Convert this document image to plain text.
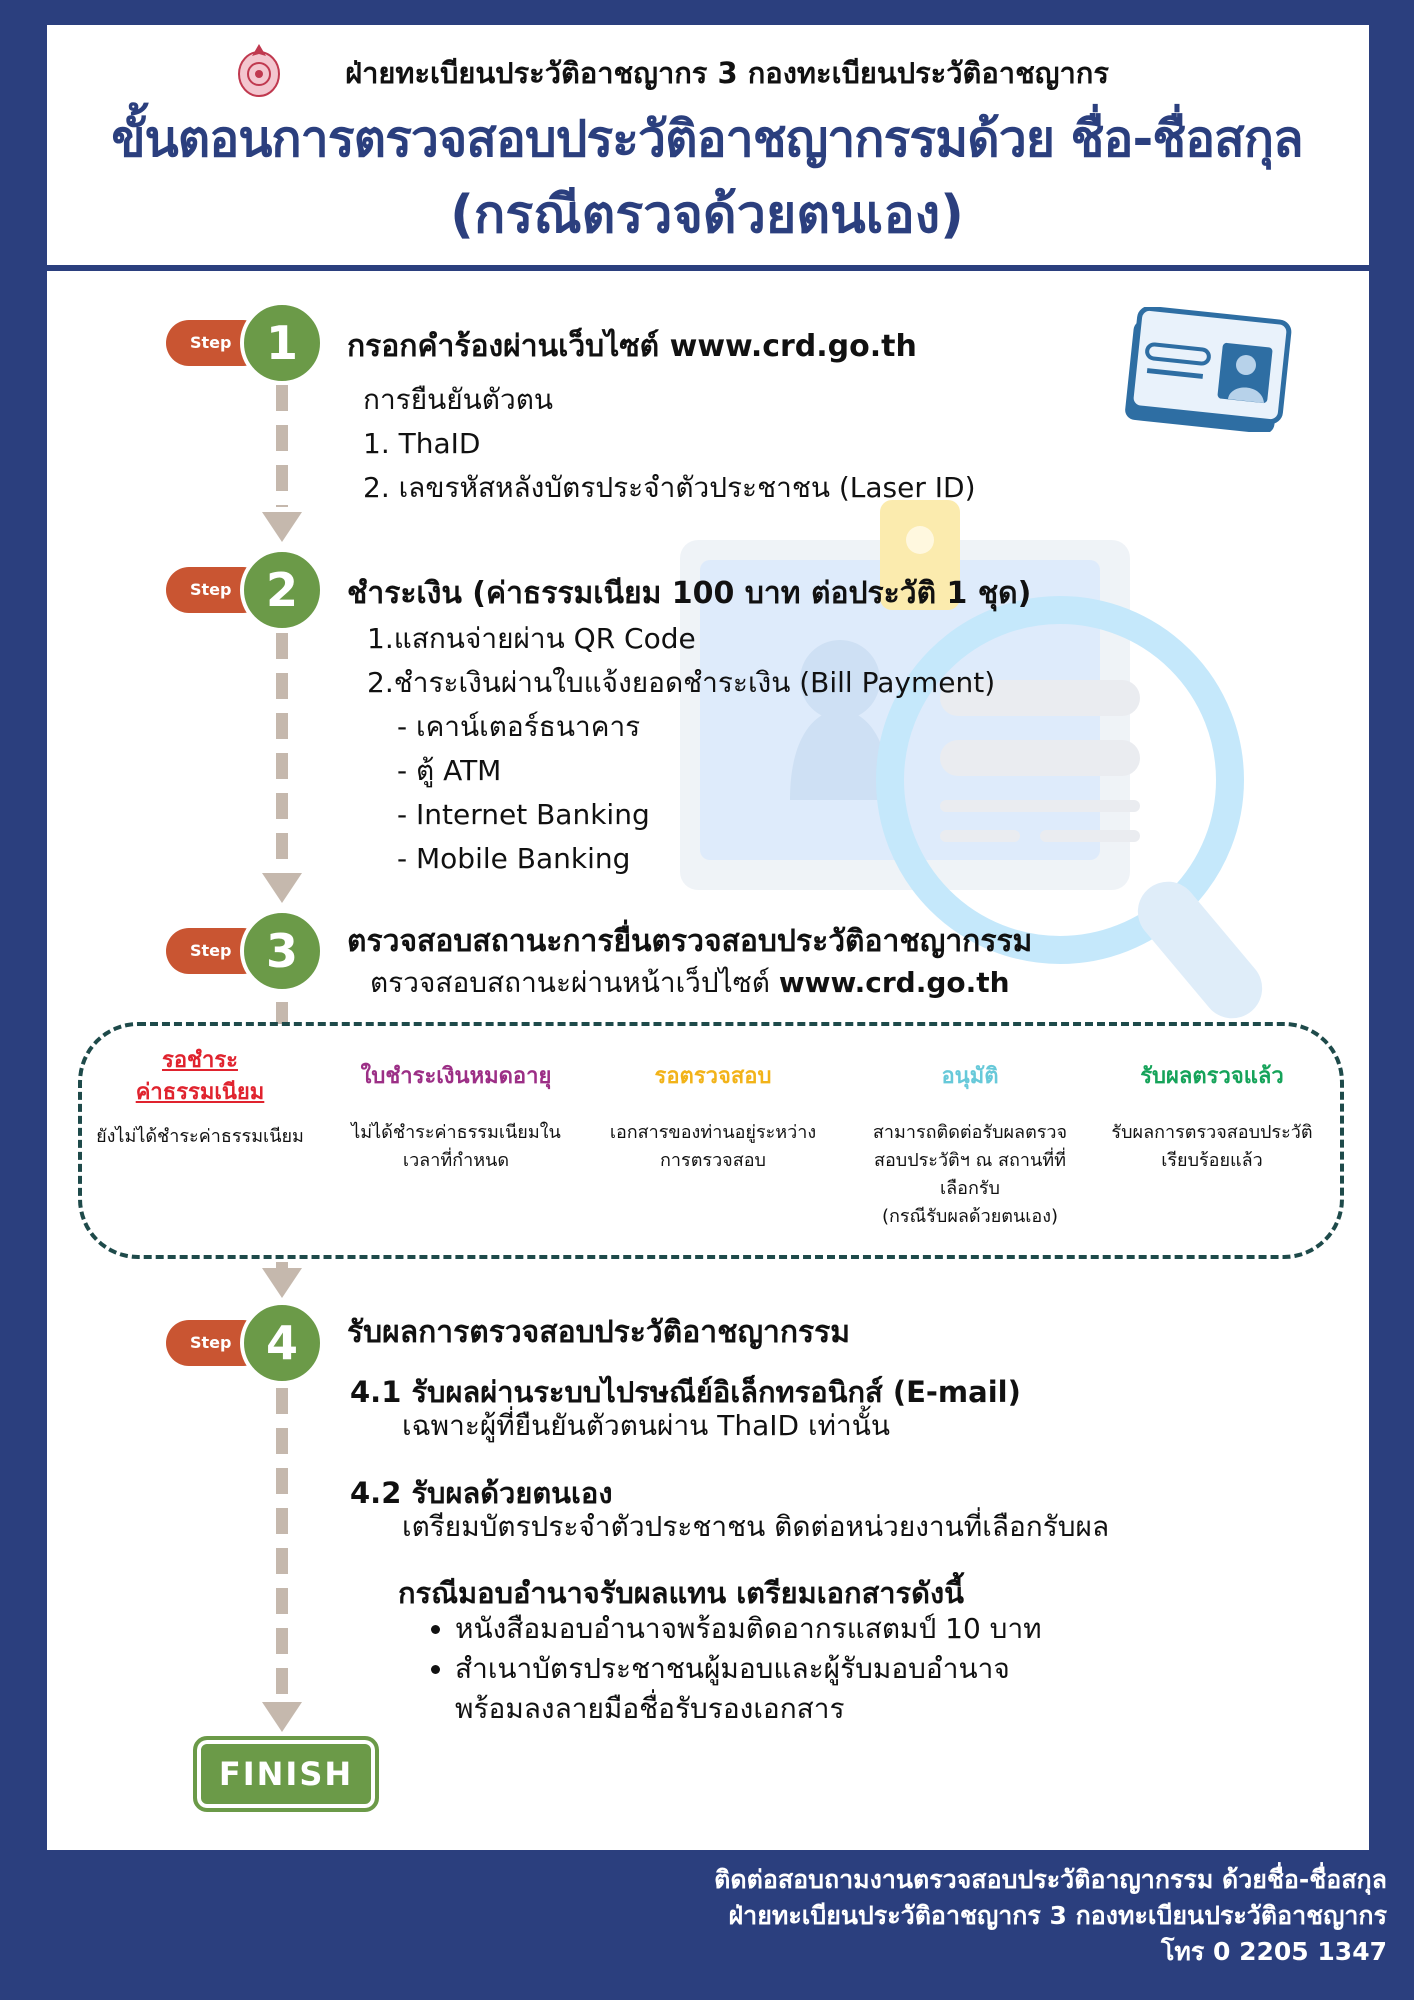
ฝ่ายทะเบียนประวัติอาชญากร 3 กองทะเบียนประวัติอาชญากร
ขั้นตอนการตรวจสอบประวัติอาชญากรรมด้วย ชื่อ-ชื่อสกุล
(กรณีตรวจด้วยตนเอง)
Step 1	กรอกคำร้องผ่านเว็บไซต์ www.crd.go.th
การยืนยันตัวตน
1. ThaID
2. เลขรหัสหลังบัตรประจำตัวประชาชน (Laser ID)
Step 2	ชำระเงิน (ค่าธรรมเนียม 100 บาท ต่อประวัติ 1 ชุด)
1.แสกนจ่ายผ่าน QR Code
2.ชำระเงินผ่านใบแจ้งยอดชำระเงิน (Bill Payment)
- เคาน์เตอร์ธนาคาร
- ตู้ ATM
- Internet Banking
- Mobile Banking
Step 3	ตรวจสอบสถานะการยื่นตรวจสอบประวัติอาชญากรรม
ตรวจสอบสถานะผ่านหน้าเว็ปไซต์ www.crd.go.th
รอชำระ
ค่าธรรมเนียม
ยังไม่ได้ชำระค่าธรรมเนียม
ใบชำระเงินหมดอายุ
ไม่ได้ชำระค่าธรรมเนียมใน
เวลาที่กำหนด
รอตรวจสอบ
เอกสารของท่านอยู่ระหว่าง
การตรวจสอบ
อนุมัติ
สามารถติดต่อรับผลตรวจ
สอบประวัติฯ ณ สถานที่ที่
เลือกรับ
(กรณีรับผลด้วยตนเอง)
รับผลตรวจแล้ว
รับผลการตรวจสอบประวัติ
เรียบร้อยแล้ว
Step 4	รับผลการตรวจสอบประวัติอาชญากรรม
4.1 รับผลผ่านระบบไปรษณีย์อิเล็กทรอนิกส์ (E-mail)
เฉพาะผู้ที่ยืนยันตัวตนผ่าน ThaID เท่านั้น
4.2 รับผลด้วยตนเอง
เตรียมบัตรประจำตัวประชาชน ติดต่อหน่วยงานที่เลือกรับผล
กรณีมอบอำนาจรับผลแทน เตรียมเอกสารดังนี้
• หนังสือมอบอำนาจพร้อมติดอากรแสตมป์ 10 บาท
• สำเนาบัตรประชาชนผู้มอบและผู้รับมอบอำนาจ
พร้อมลงลายมือชื่อรับรองเอกสาร
FINISH
ติดต่อสอบถามงานตรวจสอบประวัติอาญากรรม ด้วยชื่อ-ชื่อสกุล
ฝ่ายทะเบียนประวัติอาชญากร 3 กองทะเบียนประวัติอาชญากร
โทร 0 2205 1347
